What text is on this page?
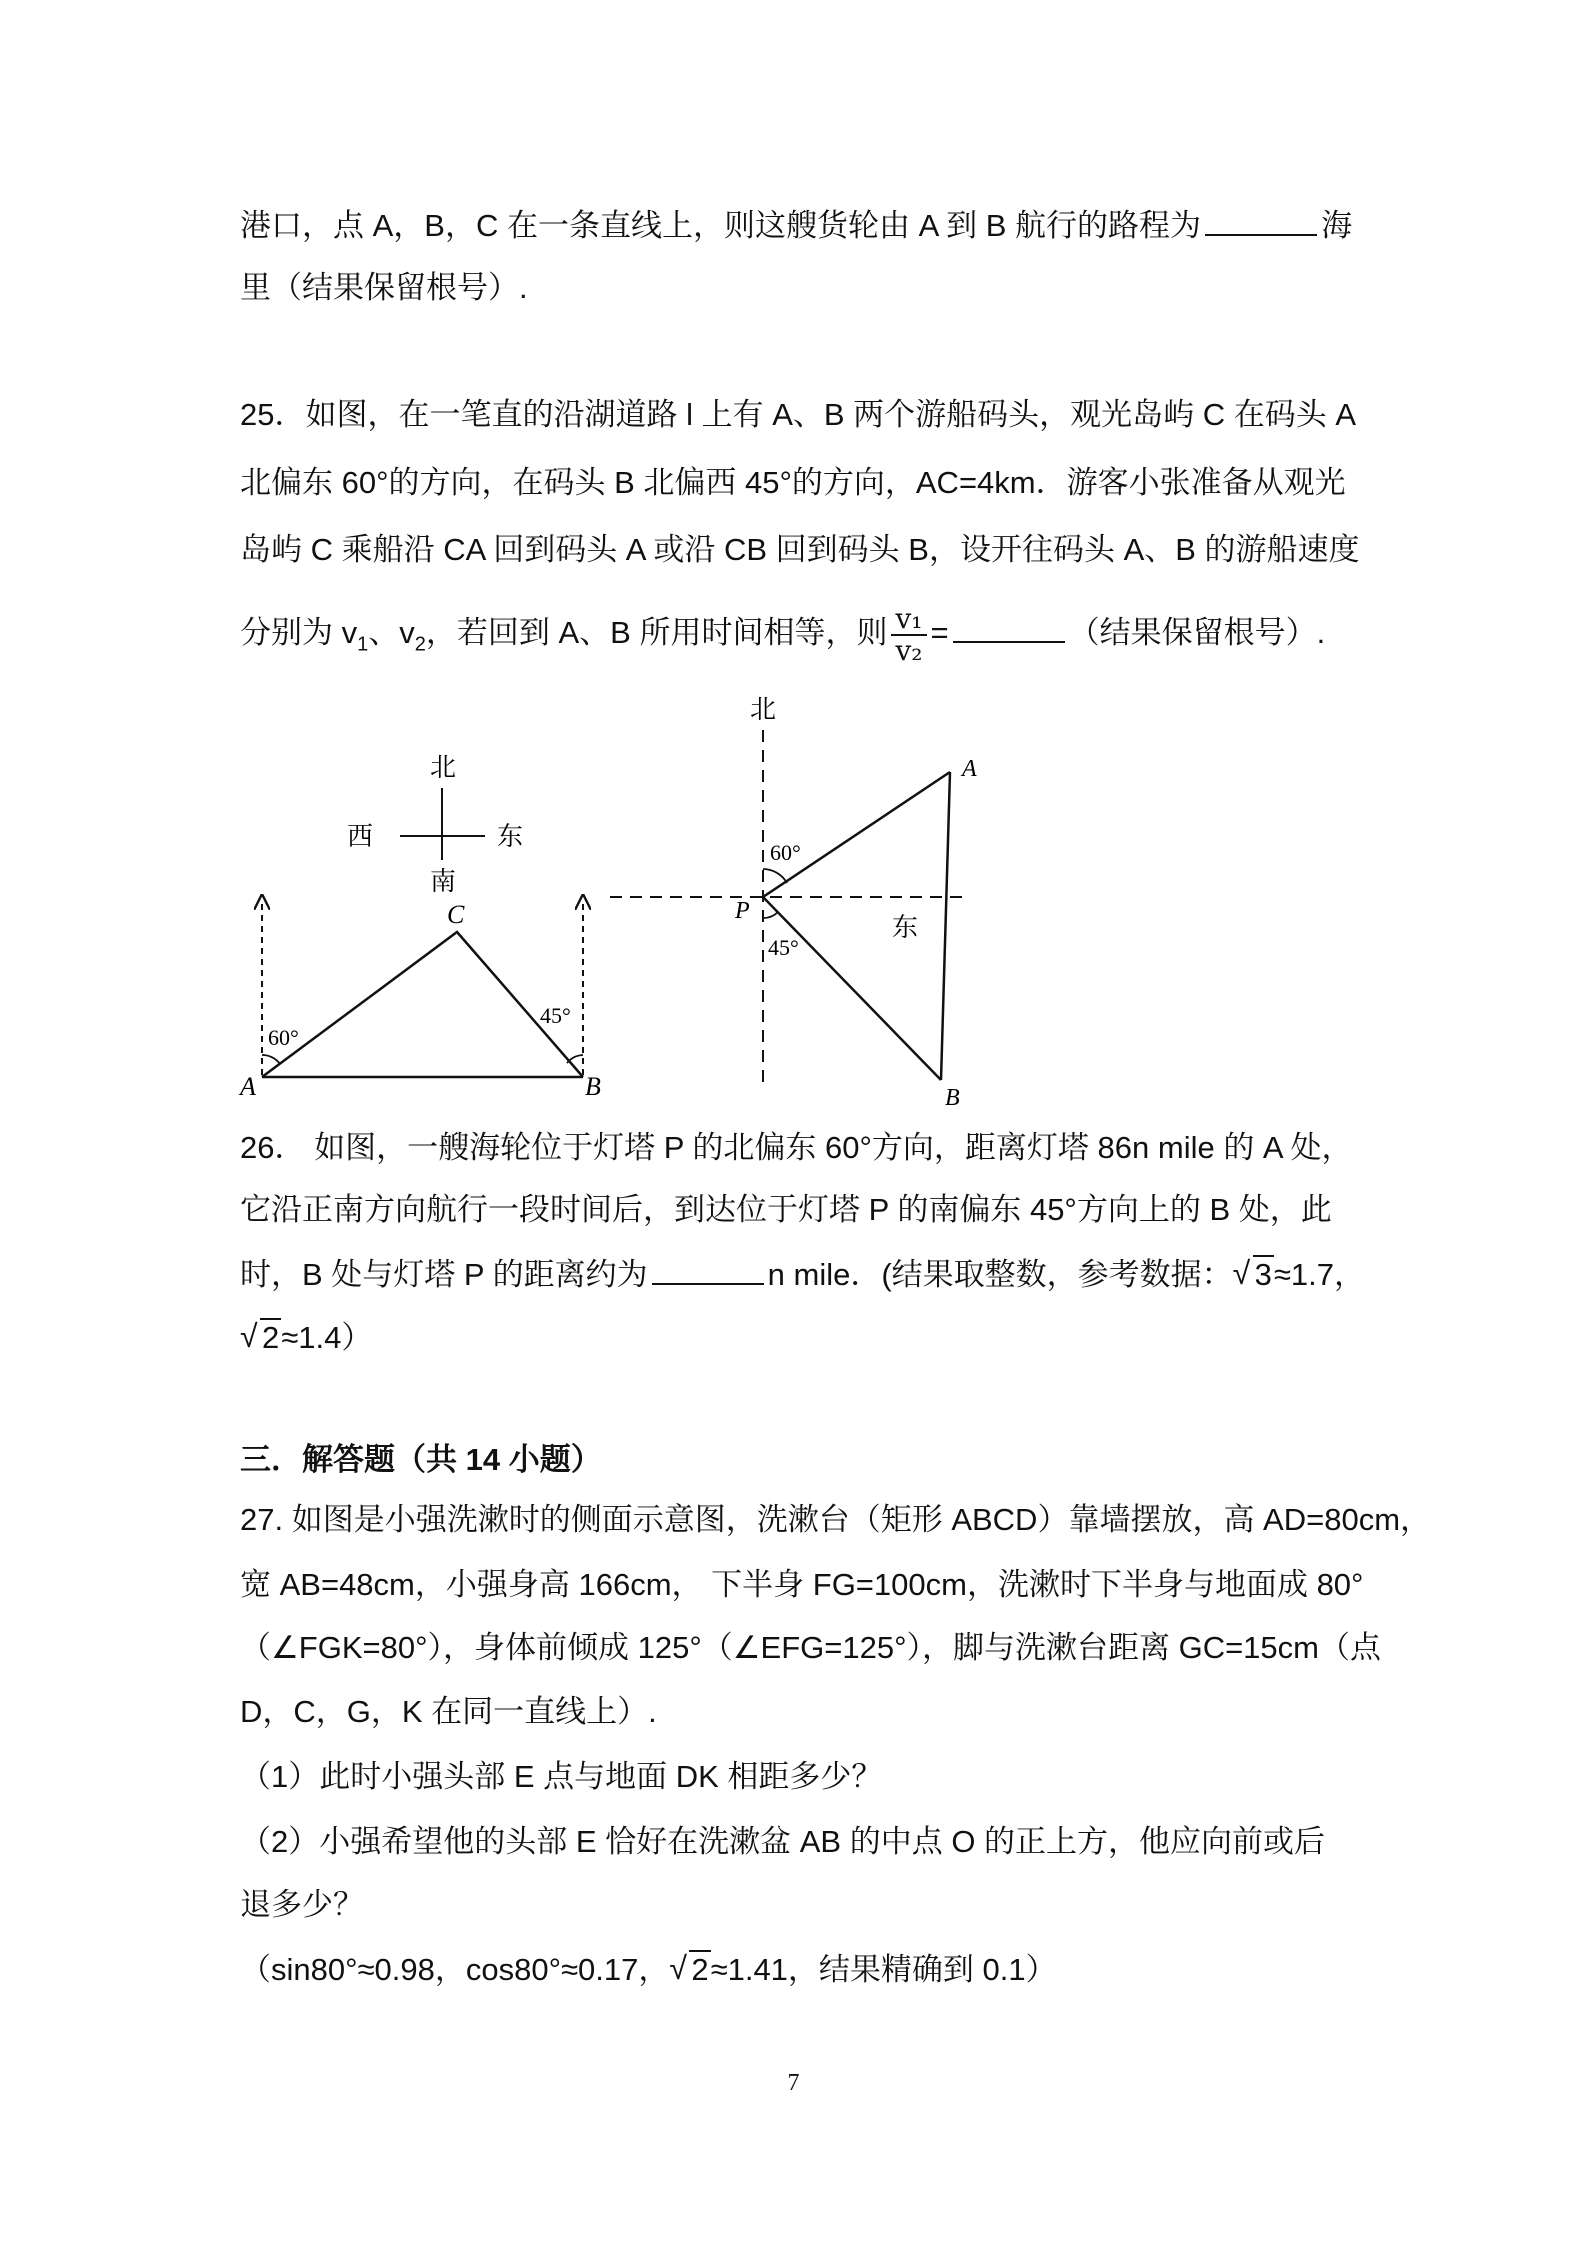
港口，点 A，B，C 在一条直线上，则这艘货轮由 A 到 B 航行的路程为	海
里（结果保留根号）.
25．如图，在一笔直的沿湖道路 l 上有 A、B 两个游船码头，观光岛屿 C 在码头 A
北偏东 60°的方向，在码头 B 北偏西 45°的方向，AC=4km．游客小张准备从观光
岛屿 C 乘船沿 CA 回到码头 A 或沿 CB 回到码头 B，设开往码头 A、B 的游船速度
分别为 $v_1$、$v_2$，若回到 A、B 所用时间相等，则 $\frac{\text{v₁}}{\text{v₂}}$ =	（结果保留根号）.
北
南
西	东
60°
45°
C
A	B
北
东
60°
45°
P
A
B
26． 如图，一艘海轮位于灯塔 P 的北偏东 60°方向，距离灯塔 86n mile 的 A 处，
它沿正南方向航行一段时间后，到达位于灯塔 P 的南偏东 45°方向上的 B 处，此
时，B 处与灯塔 P 的距离约为	n mile．(结果取整数，参考数据： √ 3≈1.7，
√ 2≈1.4）
三．解答题（共 14 小题）
27. 如图是小强洗漱时的侧面示意图，洗漱台（矩形 ABCD）靠墙摆放，高 AD=80cm，
宽 AB=48cm，小强身高 166cm， 下半身 FG=100cm，洗漱时下半身与地面成 80°
（∠FGK=80°），身体前倾成 125°（∠EFG=125°），脚与洗漱台距离 GC=15cm（点
D，C，G，K 在同一直线上）.
（1）此时小强头部 E 点与地面 DK 相距多少？
（2）小强希望他的头部 E 恰好在洗漱盆 AB 的中点 O 的正上方，他应向前或后
退多少？
（sin80°≈0.98，cos80°≈0.17， √ 2≈1.41，结果精确到 0.1）
7
